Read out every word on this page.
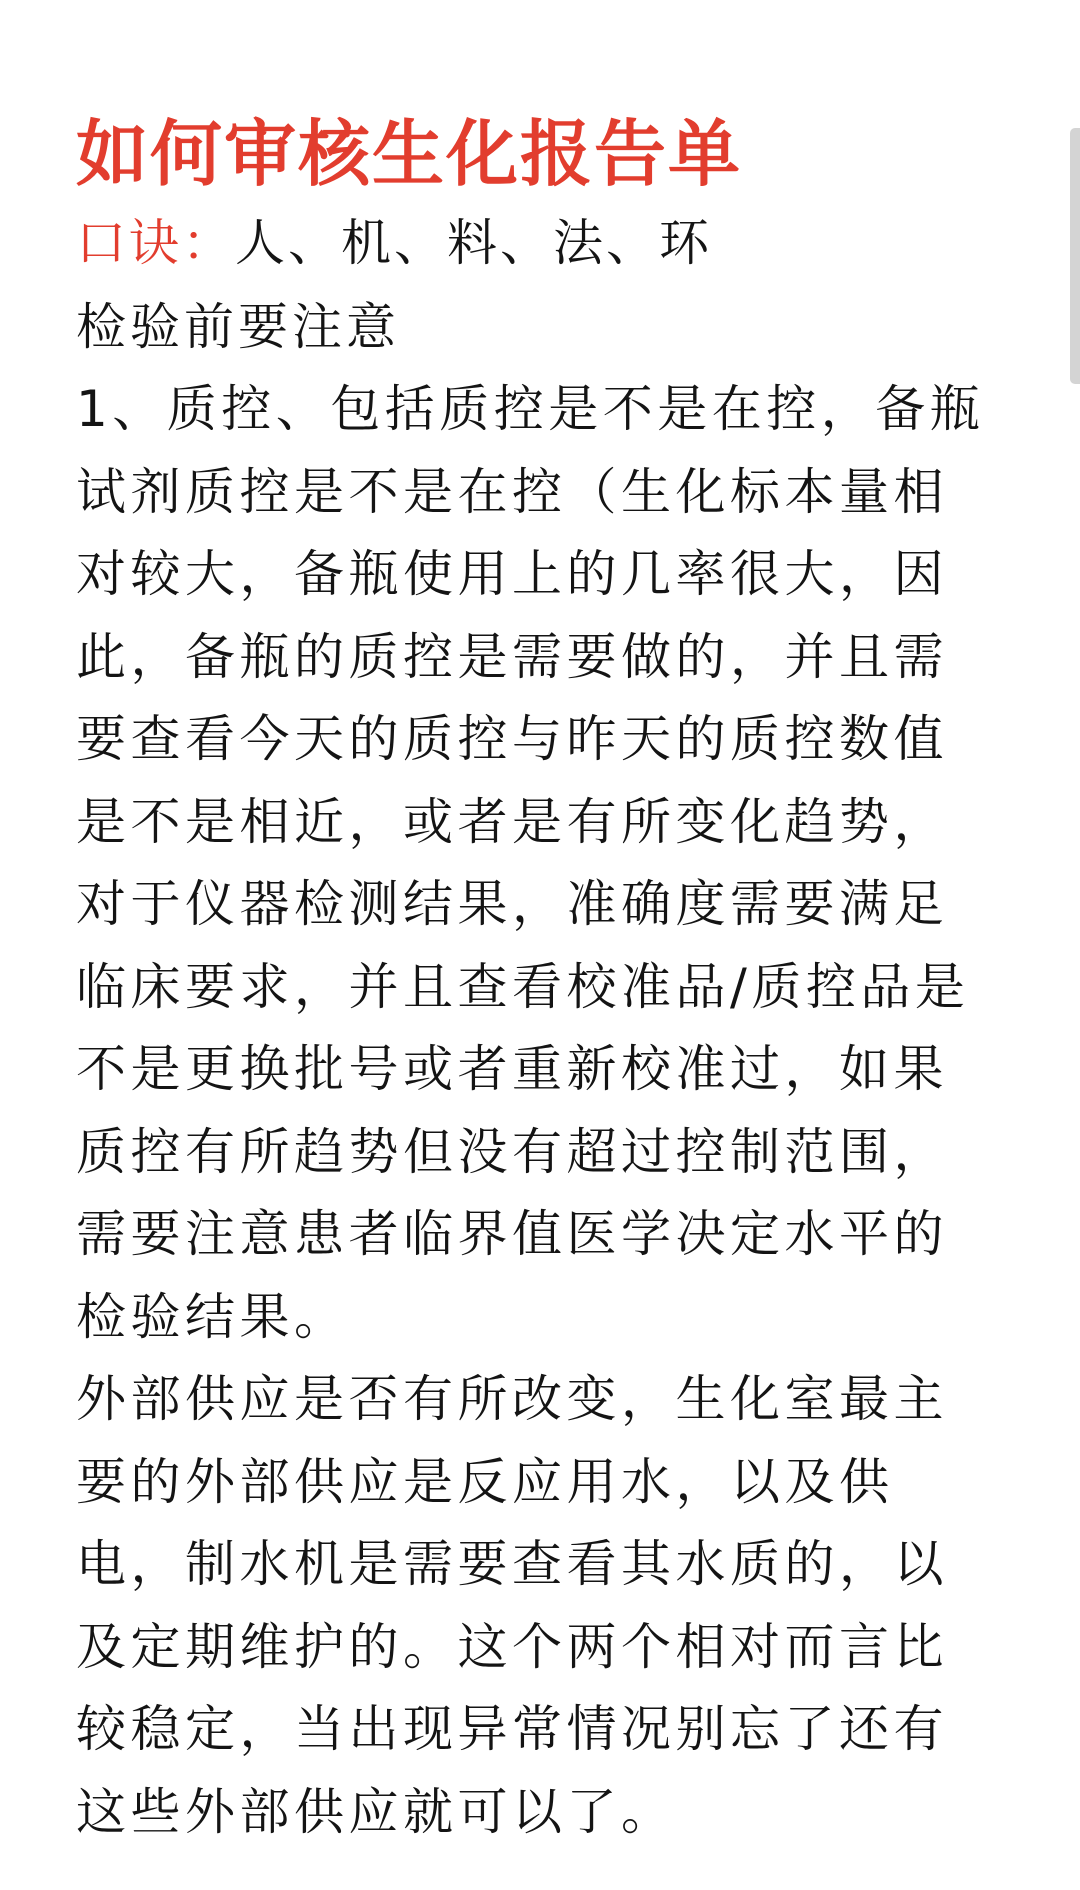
如何审核生化报告单

口诀：人、机、料、法、环

检验前要注意

1、质控、包括质控是不是在控，备瓶试剂质控是不是在控（生化标本量相对较大，备瓶使用上的几率很大，因此，备瓶的质控是需要做的，并且需要查看今天的质控与昨天的质控数值是不是相近，或者是有所变化趋势，对于仪器检测结果，准确度需要满足临床要求，并且查看校准品/质控品是不是更换批号或者重新校准过，如果质控有所趋势但没有超过控制范围，需要注意患者临界值医学决定水平的检验结果。

外部供应是否有所改变，生化室最主要的外部供应是反应用水，以及供电，制水机是需要查看其水质的，以及定期维护的。这个两个相对而言比较稳定，当出现异常情况别忘了还有这些外部供应就可以了。
